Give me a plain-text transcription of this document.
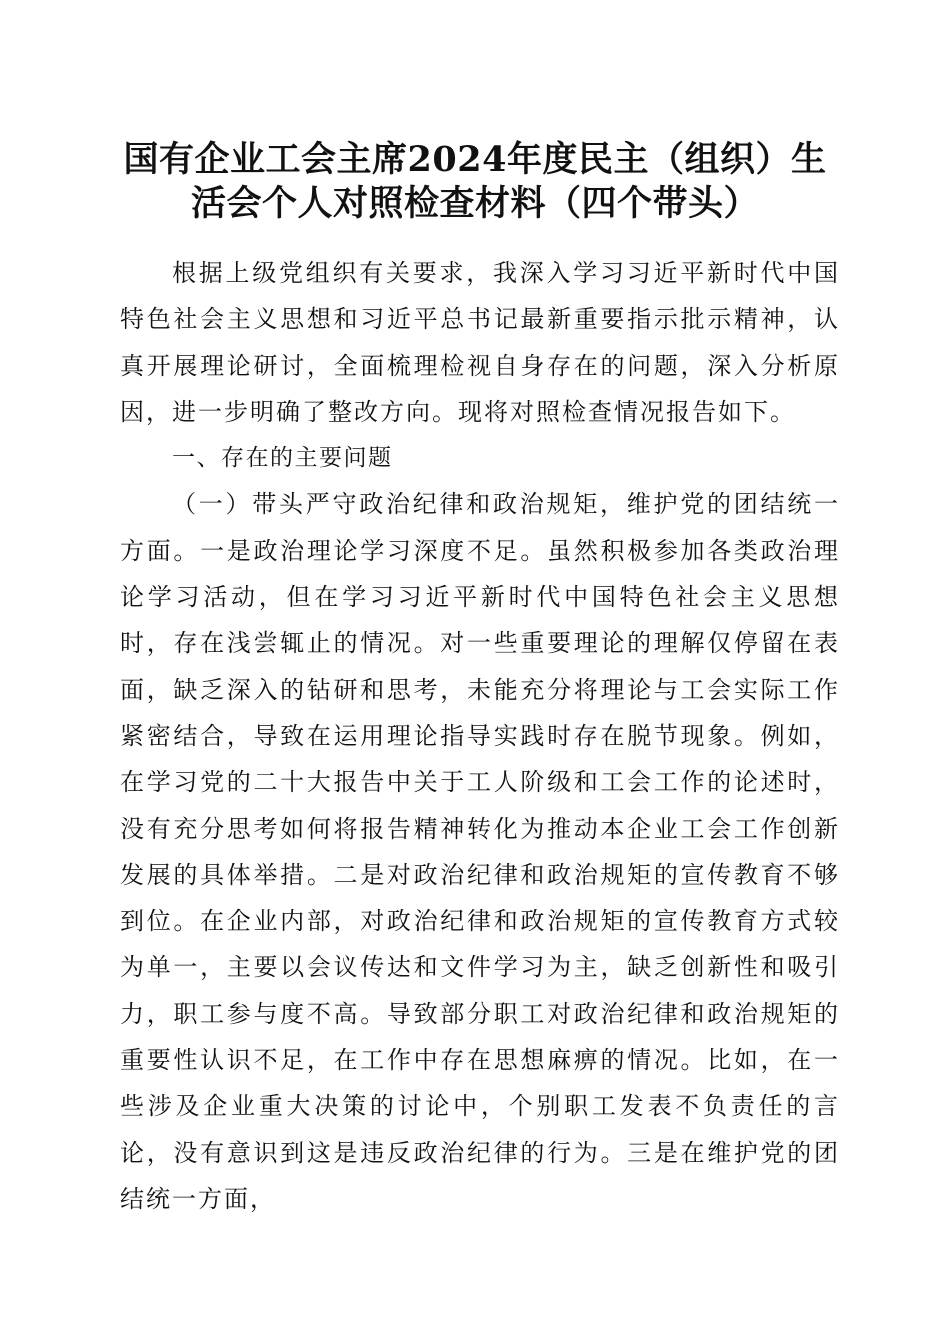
国有企业工会主席2024年度民主（组织）生
活会个人对照检查材料（四个带头）

根据上级党组织有关要求，我深入学习习近平新时代中国特色社会主义思想和习近平总书记最新重要指示批示精神，认真开展理论研讨，全面梳理检视自身存在的问题，深入分析原因，进一步明确了整改方向。现将对照检查情况报告如下。

一、存在的主要问题

（一）带头严守政治纪律和政治规矩，维护党的团结统一方面。一是政治理论学习深度不足。虽然积极参加各类政治理论学习活动，但在学习习近平新时代中国特色社会主义思想时，存在浅尝辄止的情况。对一些重要理论的理解仅停留在表面，缺乏深入的钻研和思考，未能充分将理论与工会实际工作紧密结合，导致在运用理论指导实践时存在脱节现象。例如，在学习党的二十大报告中关于工人阶级和工会工作的论述时，没有充分思考如何将报告精神转化为推动本企业工会工作创新发展的具体举措。二是对政治纪律和政治规矩的宣传教育不够到位。在企业内部，对政治纪律和政治规矩的宣传教育方式较为单一，主要以会议传达和文件学习为主，缺乏创新性和吸引力，职工参与度不高。导致部分职工对政治纪律和政治规矩的重要性认识不足，在工作中存在思想麻痹的情况。比如，在一些涉及企业重大决策的讨论中，个别职工发表不负责任的言论，没有意识到这是违反政治纪律的行为。三是在维护党的团结统一方面，
